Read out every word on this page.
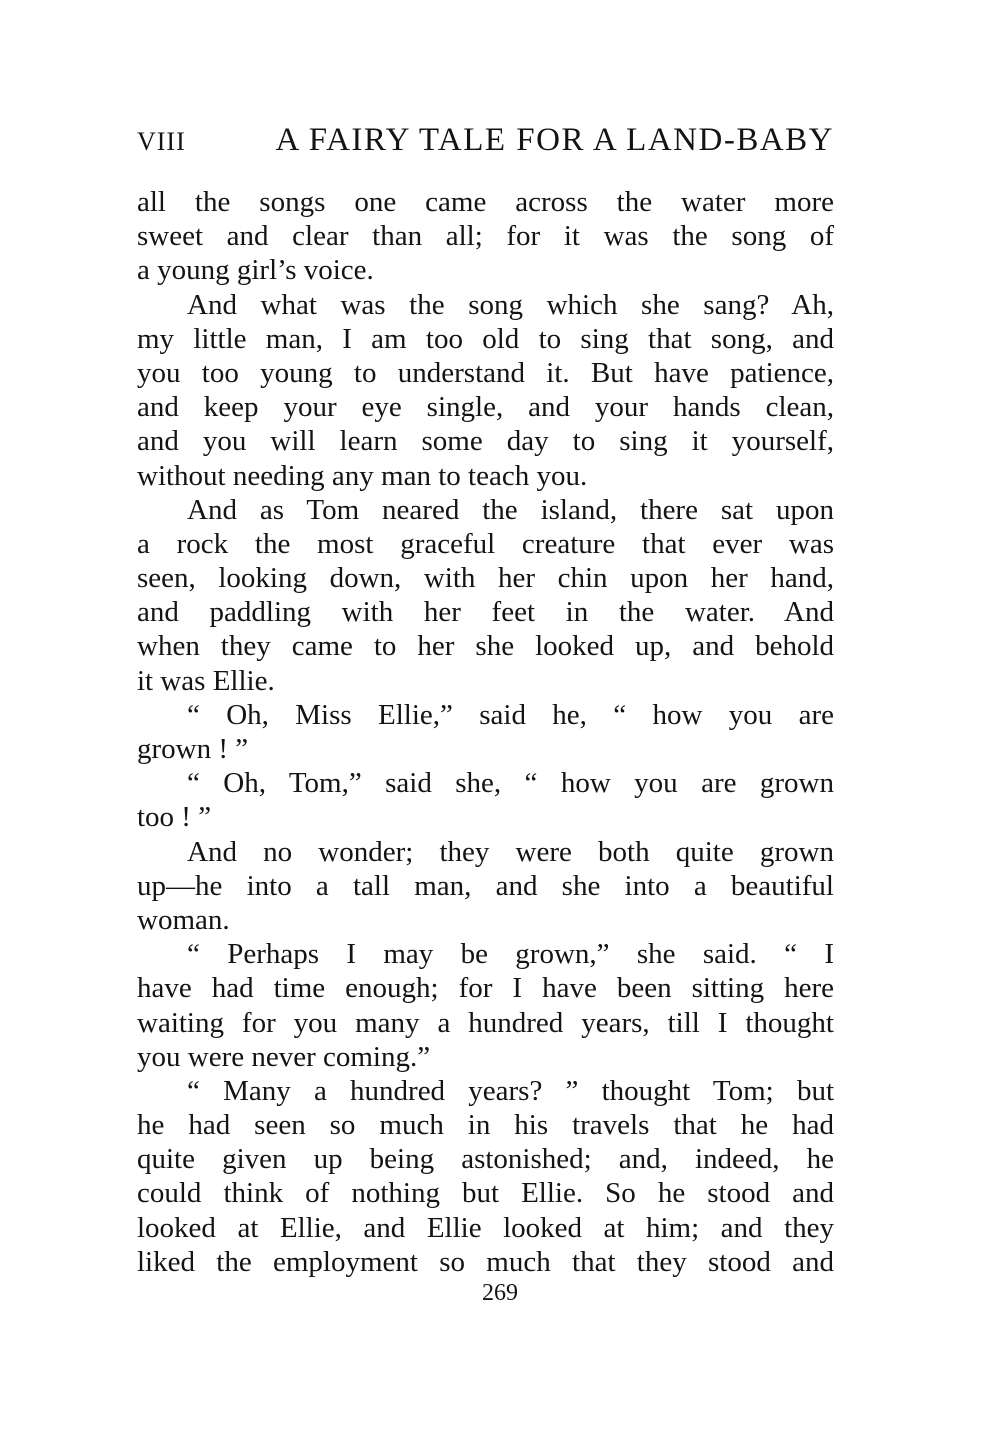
VIII	A FAIRY TALE FOR A LAND-BABY
all the songs one came across the water more
sweet and clear than all; for it was the song of
a young girl’s voice.
And what was the song which she sang? Ah,
my little man, I am too old to sing that song, and
you too young to understand it. But have patience,
and keep your eye single, and your hands clean,
and you will learn some day to sing it yourself,
without needing any man to teach you.
And as Tom neared the island, there sat upon
a rock the most graceful creature that ever was
seen, looking down, with her chin upon her hand,
and paddling with her feet in the water. And
when they came to her she looked up, and behold
it was Ellie.
“ Oh, Miss Ellie,” said he, “ how you are
grown ! ”
“ Oh, Tom,” said she, “ how you are grown
too ! ”
And no wonder; they were both quite grown
up—he into a tall man, and she into a beautiful
woman.
“ Perhaps I may be grown,” she said. “ I
have had time enough; for I have been sitting here
waiting for you many a hundred years, till I thought
you were never coming.”
“ Many a hundred years? ” thought Tom; but
he had seen so much in his travels that he had
quite given up being astonished; and, indeed, he
could think of nothing but Ellie. So he stood and
looked at Ellie, and Ellie looked at him; and they
liked the employment so much that they stood and
269
